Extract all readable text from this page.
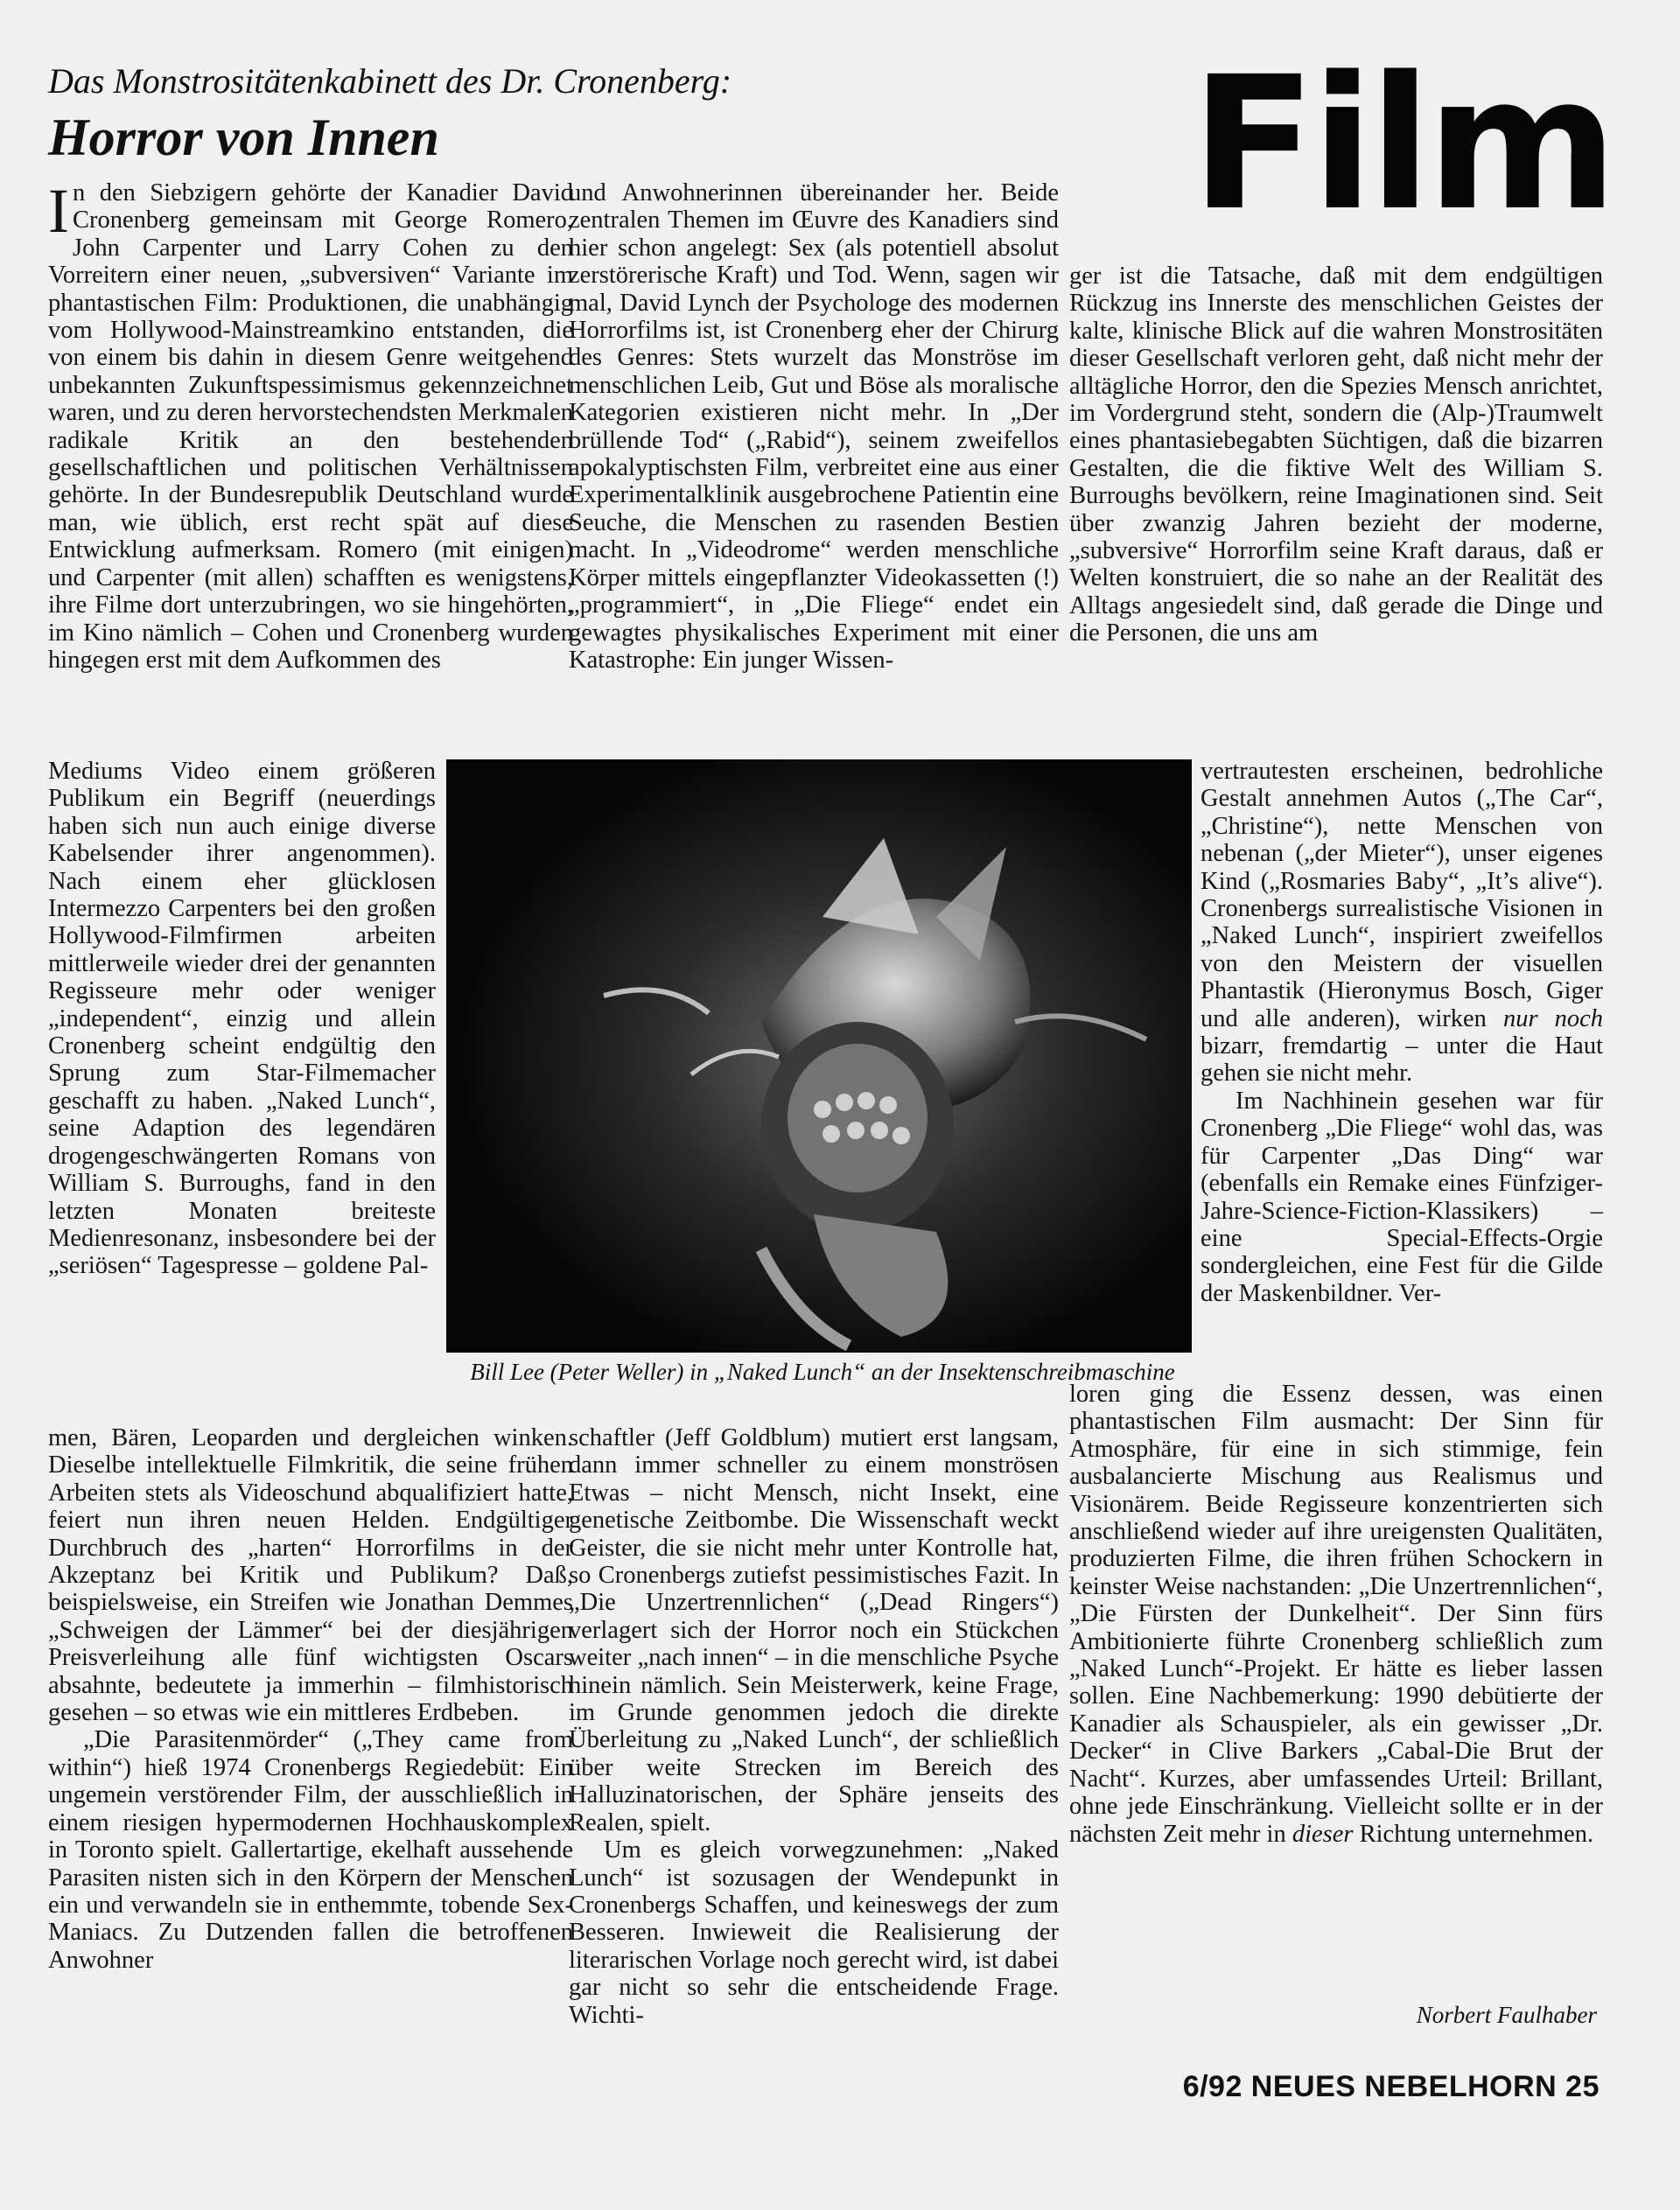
Das Monstrositätenkabinett des Dr. Cronenberg:
Horror von Innen	Film

In den Siebzigern gehörte der Kanadier David Cronenberg gemeinsam mit George Romero, John Carpenter und Larry Cohen zu den Vorreitern einer neuen, „subversiven“ Variante im phantastischen Film: Produktionen, die unabhängig vom Hollywood-Mainstreamkino entstanden, die von einem bis dahin in diesem Genre weitgehend unbekannten Zukunftspessimismus gekennzeichnet waren, und zu deren hervorstechendsten Merkmalen radikale Kritik an den bestehenden gesellschaftlichen und politischen Verhältnissen gehörte. In der Bundesrepublik Deutschland wurde man, wie üblich, erst recht spät auf diese Entwicklung aufmerksam. Romero (mit einigen) und Carpenter (mit allen) schafften es wenigstens, ihre Filme dort unterzubringen, wo sie hingehörten, im Kino nämlich – Cohen und Cronenberg wurden hingegen erst mit dem Aufkommen des

Mediums Video einem größeren Publikum ein Begriff (neuerdings haben sich nun auch einige diverse Kabelsender ihrer angenommen). Nach einem eher glücklosen Intermezzo Carpenters bei den großen Hollywood-Filmfirmen arbeiten mittlerweile wieder drei der genannten Regisseure mehr oder weniger „independent“, einzig und allein Cronenberg scheint endgültig den Sprung zum Star-Filmemacher geschafft zu haben. „Naked Lunch“, seine Adaption des legendären drogengeschwängerten Romans von William S. Burroughs, fand in den letzten Monaten breiteste Medienresonanz, insbesondere bei der „seriösen“ Tagespresse – goldene Pal-

men, Bären, Leoparden und dergleichen winken. Dieselbe intellektuelle Filmkritik, die seine frühen Arbeiten stets als Videoschund abqualifiziert hatte, feiert nun ihren neuen Helden. Endgültiger Durchbruch des „harten“ Horrorfilms in der Akzeptanz bei Kritik und Publikum? Daß, beispielsweise, ein Streifen wie Jonathan Demmes „Schweigen der Lämmer“ bei der diesjährigen Preisverleihung alle fünf wichtigsten Oscars absahnte, bedeutete ja immerhin – filmhistorisch gesehen – so etwas wie ein mittleres Erdbeben.

„Die Parasitenmörder“ („They came from within“) hieß 1974 Cronenbergs Regiedebüt: Ein ungemein verstörender Film, der ausschließlich in einem riesigen hypermodernen Hochhauskomplex in Toronto spielt. Gallertartige, ekelhaft aussehende Parasiten nisten sich in den Körpern der Menschen ein und verwandeln sie in enthemmte, tobende Sex-Maniacs. Zu Dutzenden fallen die betroffenen Anwohner

und Anwohnerinnen übereinander her. Beide zentralen Themen im Œuvre des Kanadiers sind hier schon angelegt: Sex (als potentiell absolut zerstörerische Kraft) und Tod. Wenn, sagen wir mal, David Lynch der Psychologe des modernen Horrorfilms ist, ist Cronenberg eher der Chirurg des Genres: Stets wurzelt das Monströse im menschlichen Leib, Gut und Böse als moralische Kategorien existieren nicht mehr. In „Der brüllende Tod“ („Rabid“), seinem zweifellos apokalyptischsten Film, verbreitet eine aus einer Experimentalklinik ausgebrochene Patientin eine Seuche, die Menschen zu rasenden Bestien macht. In „Videodrome“ werden menschliche Körper mittels eingepflanzter Videokassetten (!) „programmiert“, in „Die Fliege“ endet ein gewagtes physikalisches Experiment mit einer Katastrophe: Ein junger Wissen-

schaftler (Jeff Goldblum) mutiert erst langsam, dann immer schneller zu einem monströsen Etwas – nicht Mensch, nicht Insekt, eine genetische Zeitbombe. Die Wissenschaft weckt Geister, die sie nicht mehr unter Kontrolle hat, so Cronenbergs zutiefst pessimistisches Fazit. In „Die Unzertrennlichen“ („Dead Ringers“) verlagert sich der Horror noch ein Stückchen weiter „nach innen“ – in die menschliche Psyche hinein nämlich. Sein Meisterwerk, keine Frage, im Grunde genommen jedoch die direkte Überleitung zu „Naked Lunch“, der schließlich über weite Strecken im Bereich des Halluzinatorischen, der Sphäre jenseits des Realen, spielt.

Um es gleich vorwegzunehmen: „Naked Lunch“ ist sozusagen der Wendepunkt in Cronenbergs Schaffen, und keineswegs der zum Besseren. Inwieweit die Realisierung der literarischen Vorlage noch gerecht wird, ist dabei gar nicht so sehr die entscheidende Frage. Wichti-

ger ist die Tatsache, daß mit dem endgültigen Rückzug ins Innerste des menschlichen Geistes der kalte, klinische Blick auf die wahren Monstrositäten dieser Gesellschaft verloren geht, daß nicht mehr der alltägliche Horror, den die Spezies Mensch anrichtet, im Vordergrund steht, sondern die (Alp-)Traumwelt eines phantasiebegabten Süchtigen, daß die bizarren Gestalten, die die fiktive Welt des William S. Burroughs bevölkern, reine Imaginationen sind. Seit über zwanzig Jahren bezieht der moderne, „subversive“ Horrorfilm seine Kraft daraus, daß er Welten konstruiert, die so nahe an der Realität des Alltags angesiedelt sind, daß gerade die Dinge und die Personen, die uns am

vertrautesten erscheinen, bedrohliche Gestalt annehmen Autos („The Car“, „Christine“), nette Menschen von nebenan („der Mieter“), unser eigenes Kind („Rosmaries Baby“, „It’s alive“). Cronenbergs surrealistische Visionen in „Naked Lunch“, inspiriert zweifellos von den Meistern der visuellen Phantastik (Hieronymus Bosch, Giger und alle anderen), wirken nur noch bizarr, fremdartig – unter die Haut gehen sie nicht mehr.

Im Nachhinein gesehen war für Cronenberg „Die Fliege“ wohl das, was für Carpenter „Das Ding“ war (ebenfalls ein Remake eines Fünfziger-Jahre-Science-Fiction-Klassikers) – eine Special-Effects-Orgie sondergleichen, eine Fest für die Gilde der Maskenbildner. Ver-

loren ging die Essenz dessen, was einen phantastischen Film ausmacht: Der Sinn für Atmosphäre, für eine in sich stimmige, fein ausbalancierte Mischung aus Realismus und Visionärem. Beide Regisseure konzentrierten sich anschließend wieder auf ihre ureigensten Qualitäten, produzierten Filme, die ihren frühen Schockern in keinster Weise nachstanden: „Die Unzertrennlichen“, „Die Fürsten der Dunkelheit“. Der Sinn fürs Ambitionierte führte Cronenberg schließlich zum „Naked Lunch“-Projekt. Er hätte es lieber lassen sollen. Eine Nachbemerkung: 1990 debütierte der Kanadier als Schauspieler, als ein gewisser „Dr. Decker“ in Clive Barkers „Cabal-Die Brut der Nacht“. Kurzes, aber umfassendes Urteil: Brillant, ohne jede Einschränkung. Vielleicht sollte er in der nächsten Zeit mehr in dieser Richtung unternehmen.

Bill Lee (Peter Weller) in „Naked Lunch“ an der Insektenschreibmaschine

Norbert Faulhaber

6/92 NEUES NEBELHORN 25
